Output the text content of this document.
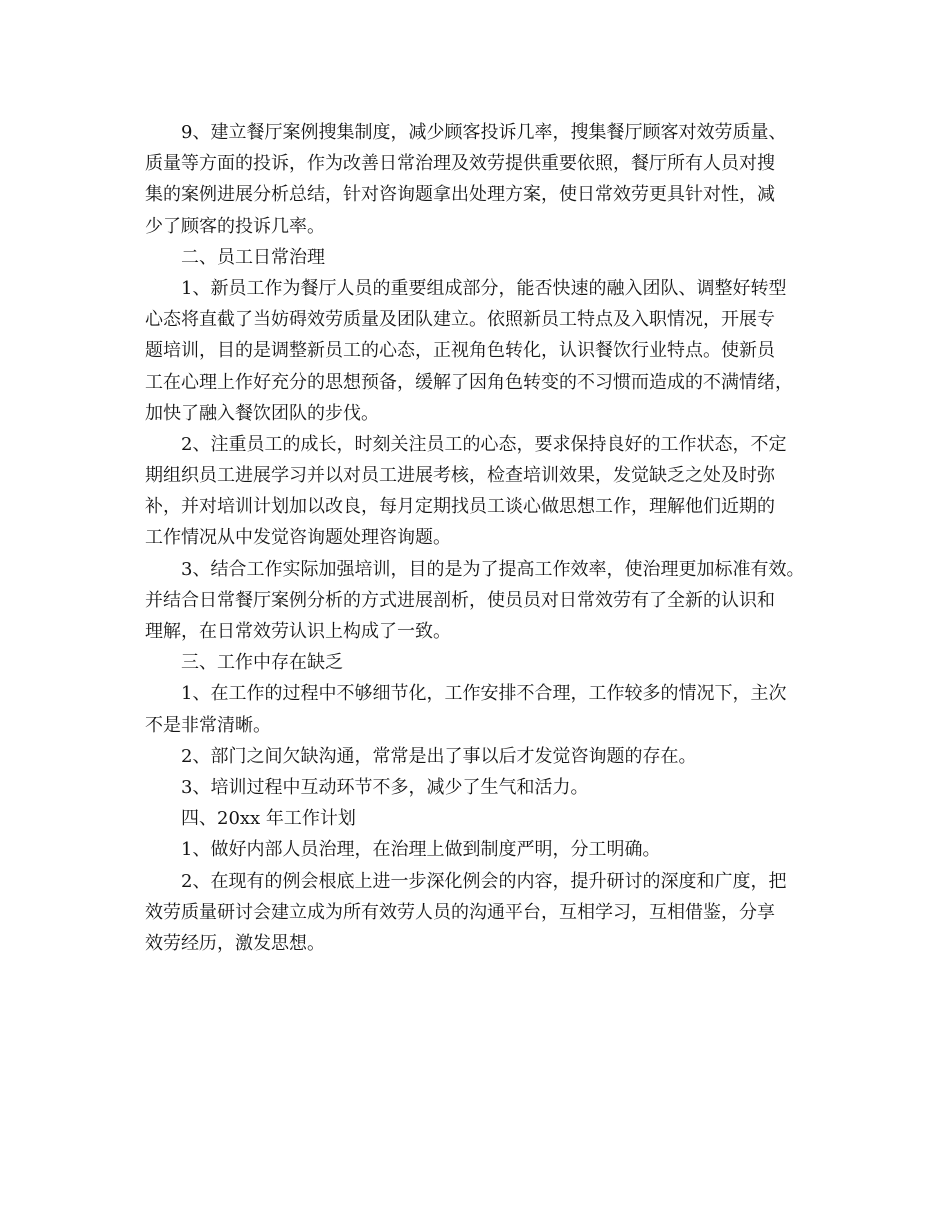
9、建立餐厅案例搜集制度，减少顾客投诉几率，搜集餐厅顾客对效劳质量、
质量等方面的投诉，作为改善日常治理及效劳提供重要依照，餐厅所有人员对搜
集的案例进展分析总结，针对咨询题拿出处理方案，使日常效劳更具针对性，减
少了顾客的投诉几率。
二、员工日常治理
1、新员工作为餐厅人员的重要组成部分，能否快速的融入团队、调整好转型
心态将直截了当妨碍效劳质量及团队建立。依照新员工特点及入职情况，开展专
题培训，目的是调整新员工的心态，正视角色转化，认识餐饮行业特点。使新员
工在心理上作好充分的思想预备，缓解了因角色转变的不习惯而造成的不满情绪，
加快了融入餐饮团队的步伐。
2、注重员工的成长，时刻关注员工的心态，要求保持良好的工作状态，不定
期组织员工进展学习并以对员工进展考核，检查培训效果，发觉缺乏之处及时弥
补，并对培训计划加以改良，每月定期找员工谈心做思想工作，理解他们近期的
工作情况从中发觉咨询题处理咨询题。
3、结合工作实际加强培训，目的是为了提高工作效率，使治理更加标准有效。
并结合日常餐厅案例分析的方式进展剖析，使员员对日常效劳有了全新的认识和
理解，在日常效劳认识上构成了一致。
三、工作中存在缺乏
1、在工作的过程中不够细节化，工作安排不合理，工作较多的情况下，主次
不是非常清晰。
2、部门之间欠缺沟通，常常是出了事以后才发觉咨询题的存在。
3、培训过程中互动环节不多，减少了生气和活力。
四、20xx 年工作计划
1、做好内部人员治理，在治理上做到制度严明，分工明确。
2、在现有的例会根底上进一步深化例会的内容，提升研讨的深度和广度，把
效劳质量研讨会建立成为所有效劳人员的沟通平台，互相学习，互相借鉴，分享
效劳经历，激发思想。
